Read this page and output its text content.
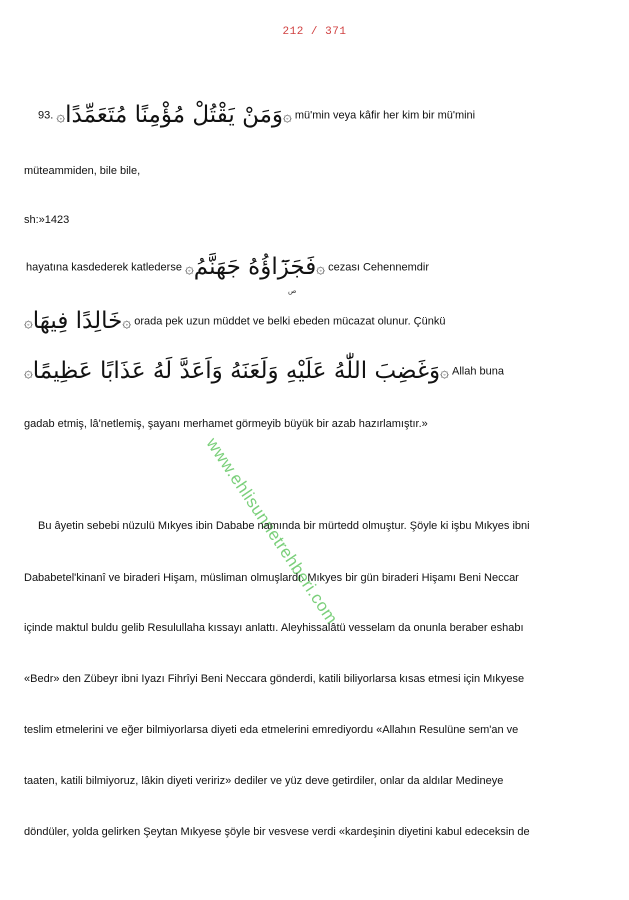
212 / 371
93. ۞وَمَنْ يَقْتُلْ مُؤْمِنًا مُتَعَمِّدًا۞ mü'min veya kâfir her kim bir mü'mini
müteammiden, bile bile,
sh:»1423
hayatına kasdederek katlederse ۞فَجَزَٓاؤُهُ جَهَنَّمُ۞ cezası Cehennemdir
ص
۞خَالِدًا فِيهَا۞ orada pek uzun müddet ve belki ebeden mücazat olunur. Çünkü
۞وَغَضِبَ اللّٰهُ عَلَيْهِ وَلَعَنَهُ وَاَعَدَّ لَهُ عَذَابًا عَظِيمًا۞ Allah buna
gadab etmiş, lâ'netlemiş, şayanı merhamet görmeyib büyük bir azab hazırlamıştır.»
www.ehlisunnetrehberi.com
Bu âyetin sebebi nüzulü Mıkyes ibin Dababe namında bir mürtedd olmuştur. Şöyle ki işbu Mıkyes ibni
Dababetel'kinanî ve biraderi Hişam, müsliman olmuşlardı. Mıkyes bir gün biraderi Hişamı Beni Neccar
içinde maktul buldu gelib Resulullaha kıssayı anlattı. Aleyhissalâtü vesselam da onunla beraber eshabı
«Bedr» den Zübeyr ibni Iyazı Fihrîyi Beni Neccara gönderdi, katili biliyorlarsa kısas etmesi için Mıkyese
teslim etmelerini ve eğer bilmiyorlarsa diyeti eda etmelerini emrediyordu «Allahın Resulüne sem'an ve
taaten, katili bilmiyoruz, lâkin diyeti veririz» dediler ve yüz deve getirdiler, onlar da aldılar Medineye
döndüler, yolda gelirken Şeytan Mıkyese şöyle bir vesvese verdi «kardeşinin diyetini kabul edeceksin de
